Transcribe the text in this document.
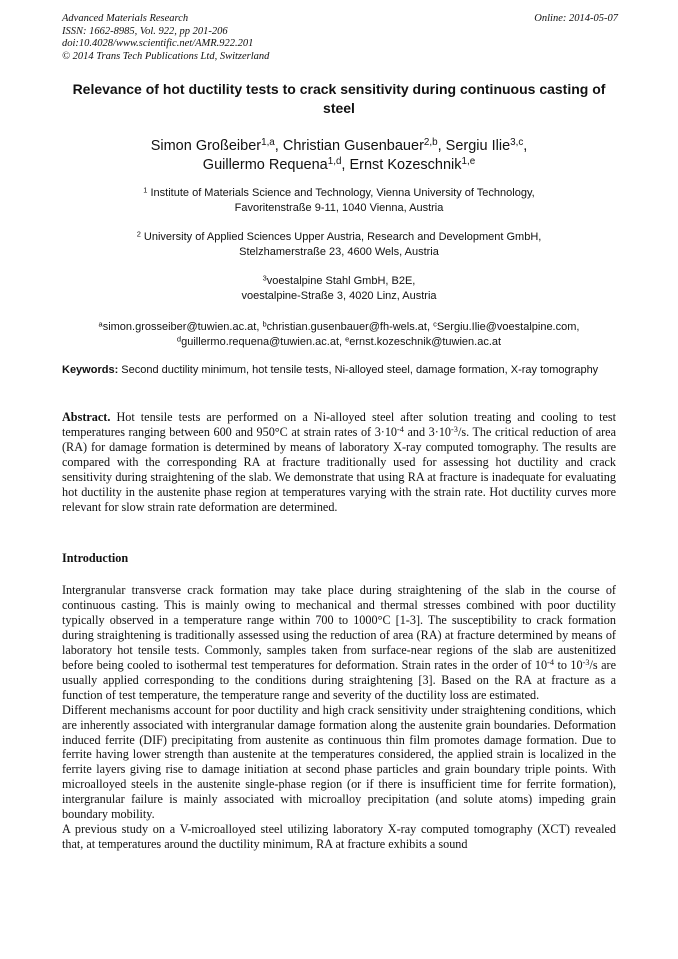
Advanced Materials Research
ISSN: 1662-8985, Vol. 922, pp 201-206
doi:10.4028/www.scientific.net/AMR.922.201
© 2014 Trans Tech Publications Ltd, Switzerland
Online: 2014-05-07
Relevance of hot ductility tests to crack sensitivity during continuous casting of steel
Simon Großeiber$^{1,a}$, Christian Gusenbauer$^{2,b}$, Sergiu Ilie$^{3,c}$,
Guillermo Requena$^{1,d}$, Ernst Kozeschnik$^{1,e}$

$^1$ Institute of Materials Science and Technology, Vienna University of Technology,
Favoritenstraße 9-11, 1040 Vienna, Austria

$^2$ University of Applied Sciences Upper Austria, Research and Development GmbH,
Stelzhamerstraße 23, 4600 Wels, Austria

$^3$voestalpine Stahl GmbH, B2E,
voestalpine-Straße 3, 4020 Linz, Austria

$^a$simon.grosseiber@tuwien.ac.at, $^b$christian.gusenbauer@fh-wels.at, $^c$Sergiu.Ilie@voestalpine.com,
$^d$guillermo.requena@tuwien.ac.at, $^e$ernst.kozeschnik@tuwien.ac.at
Keywords: Second ductility minimum, hot tensile tests, Ni-alloyed steel, damage formation, X-ray tomography
Abstract. Hot tensile tests are performed on a Ni-alloyed steel after solution treating and cooling to test temperatures ranging between 600 and 950°C at strain rates of $3\cdot 10^{-4}$ and $3\cdot 10^{-3}/s$. The critical reduction of area (RA) for damage formation is determined by means of laboratory X-ray computed tomography. The results are compared with the corresponding RA at fracture traditionally used for assessing hot ductility and crack sensitivity during straightening of the slab. We demonstrate that using RA at fracture is inadequate for evaluating hot ductility in the austenite phase region at temperatures varying with the strain rate. Hot ductility curves more relevant for slow strain rate deformation are determined.
Introduction

Intergranular transverse crack formation may take place during straightening of the slab in the course of continuous casting. This is mainly owing to mechanical and thermal stresses combined with poor ductility typically observed in a temperature range within 700 to 1000°C [1-3]. The susceptibility to crack formation during straightening is traditionally assessed using the reduction of area (RA) at fracture determined by means of laboratory hot tensile tests. Commonly, samples taken from surface-near regions of the slab are austenitized before being cooled to isothermal test temperatures for deformation. Strain rates in the order of $10^{-4}$ to $10^{-3}/s$ are usually applied corresponding to the conditions during straightening [3]. Based on the RA at fracture as a function of test temperature, the temperature range and severity of the ductility loss are estimated.

Different mechanisms account for poor ductility and high crack sensitivity under straightening conditions, which are inherently associated with intergranular damage formation along the austenite grain boundaries. Deformation induced ferrite (DIF) precipitating from austenite as continuous thin film promotes damage formation. Due to ferrite having lower strength than austenite at the temperatures considered, the applied strain is localized in the ferrite layers giving rise to damage initiation at second phase particles and grain boundary triple points. With microalloyed steels in the austenite single-phase region (or if there is insufficient time for ferrite formation), intergranular failure is mainly associated with microalloy precipitation (and solute atoms) impeding grain boundary mobility.

A previous study on a V-microalloyed steel utilizing laboratory X-ray computed tomography (XCT) revealed that, at temperatures around the ductility minimum, RA at fracture exhibits a sound
